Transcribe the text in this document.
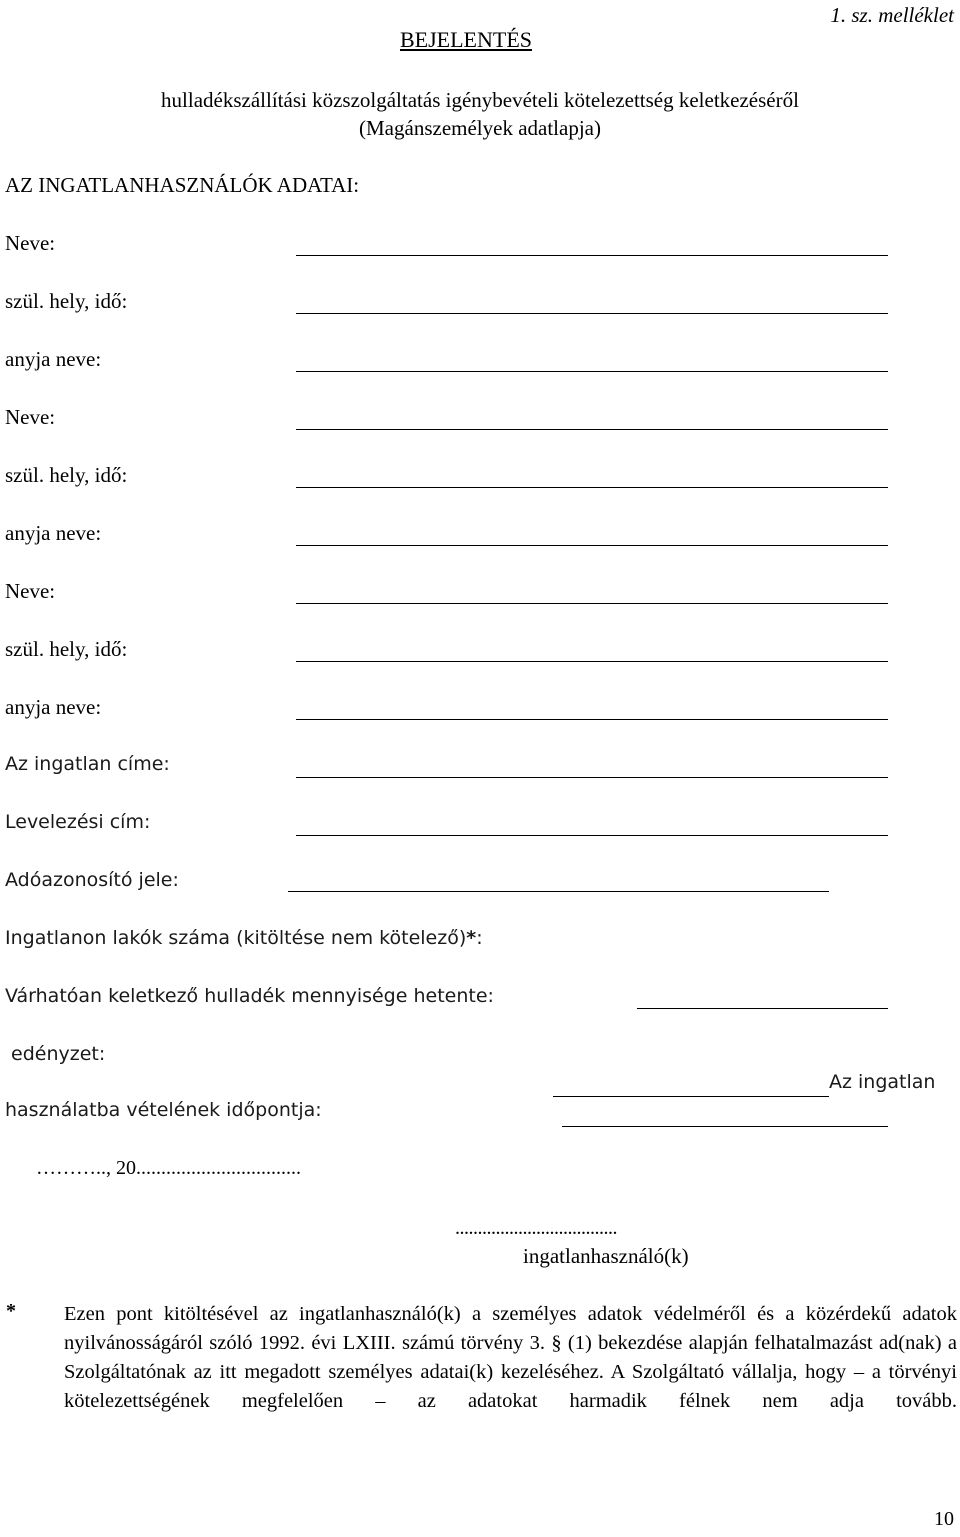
1. sz. melléklet
BEJELENTÉS
hulladékszállítási közszolgáltatás igénybevételi kötelezettség keletkezéséről
(Magánszemélyek adatlapja)
AZ INGATLANHASZNÁLÓK ADATAI:
Neve:
szül. hely, idő:
anyja neve:
Neve:
szül. hely, idő:
anyja neve:
Neve:
szül. hely, idő:
anyja neve:
Az ingatlan címe:
Levelezési cím:
Adóazonosító jele:
Ingatlanon lakók száma (kitöltése nem kötelező)*:
Várhatóan keletkező hulladék mennyisége hetente:
edényzet:
Az ingatlan
használatba vételének időpontja:
……….., 20.................................
....................................
ingatlanhasználó(k)
* Ezen pont kitöltésével az ingatlanhasználó(k) a személyes adatok védelméről és a közérdekű adatok nyilvánosságáról szóló 1992. évi LXIII. számú törvény 3. § (1) bekezdése alapján felhatalmazást ad(nak) a Szolgáltatónak az itt megadott személyes adatai(k) kezeléséhez. A Szolgáltató vállalja, hogy – a törvényi kötelezettségének megfelelően – az adatokat harmadik félnek nem adja tovább.
10
